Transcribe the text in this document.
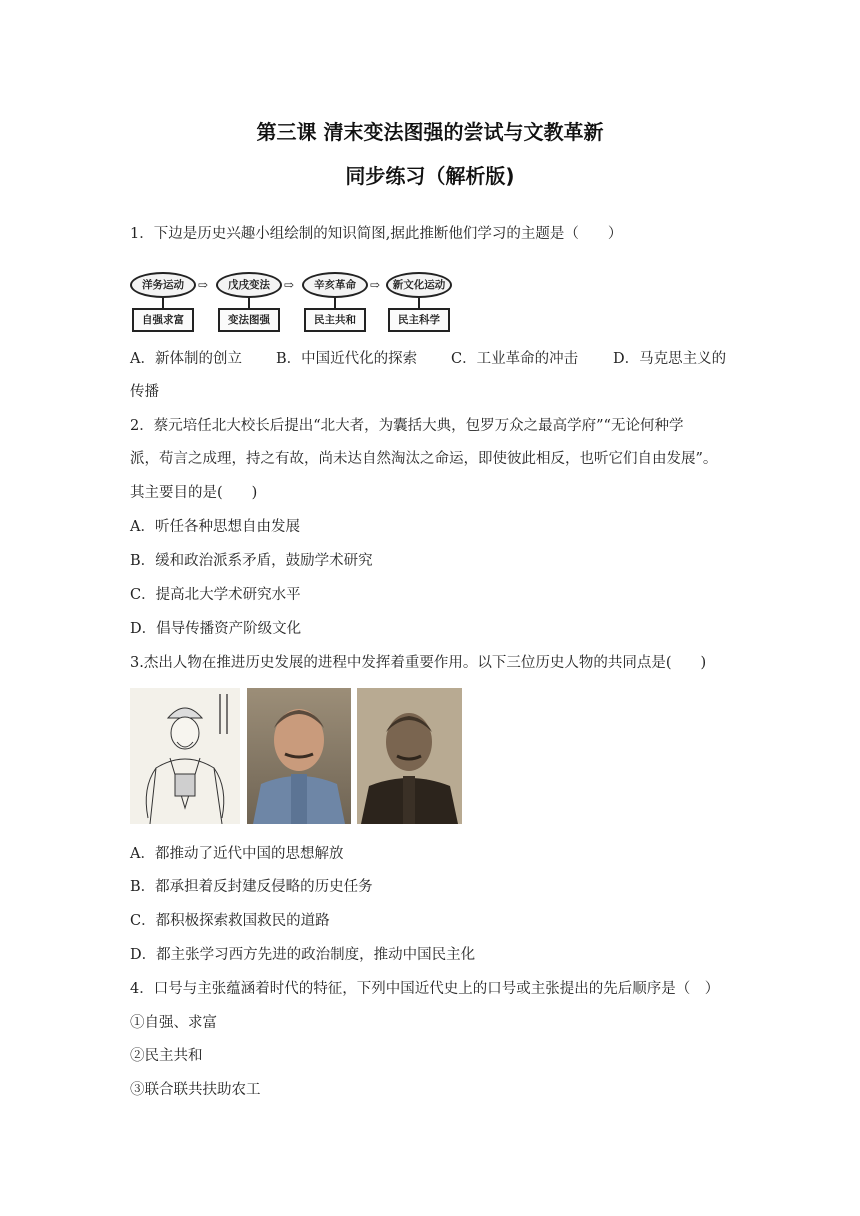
第三课 清末变法图强的尝试与文教革新
同步练习（解析版)
1．下边是历史兴趣小组绘制的知识简图,据此推断他们学习的主题是（　　）
洋务运动	⇨	戊戌变法	⇨	辛亥革命	⇨	新文化运动
自强求富	变法图强	民主共和	民主科学
A．新体制的创立 B．中国近代化的探索 C．工业革命的冲击 D．马克思主义的
传播
2．蔡元培任北大校长后提出“北大者，为囊括大典，包罗万众之最高学府”“无论何种学
派，苟言之成理，持之有故，尚未达自然淘汰之命运，即使彼此相反，也听它们自由发展”。
其主要目的是(　　)
A．听任各种思想自由发展
B．缓和政治派系矛盾，鼓励学术研究
C．提高北大学术研究水平
D．倡导传播资产阶级文化
3.杰出人物在推进历史发展的进程中发挥着重要作用。以下三位历史人物的共同点是(　　)
A．都推动了近代中国的思想解放
B．都承担着反封建反侵略的历史任务
C．都积极探索救国救民的道路
D．都主张学习西方先进的政治制度，推动中国民主化
4．口号与主张蕴涵着时代的特征，下列中国近代史上的口号或主张提出的先后顺序是（　）
①自强、求富
②民主共和
③联合联共扶助农工
